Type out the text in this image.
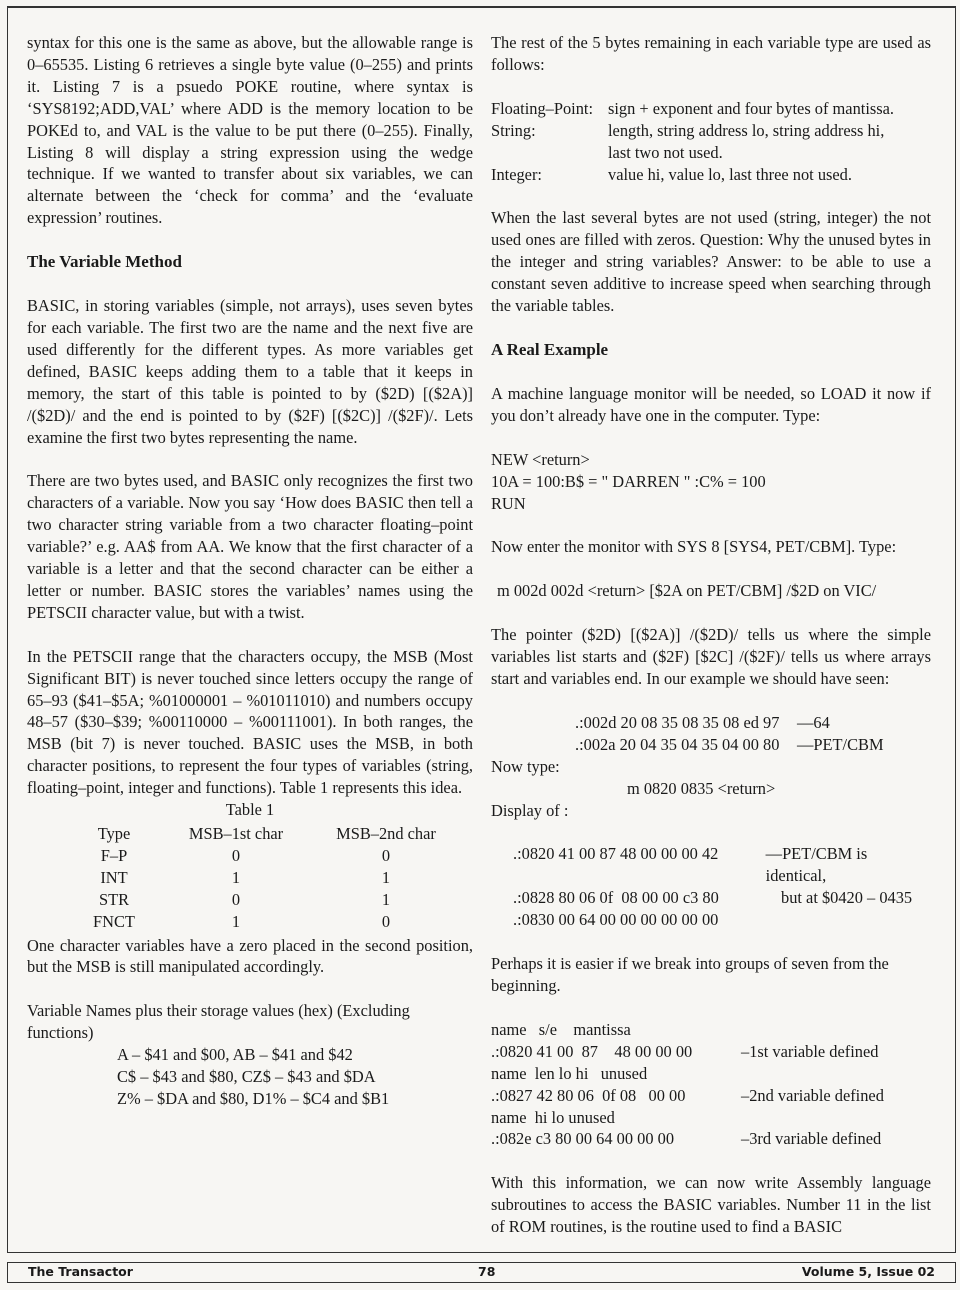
syntax for this one is the same as above, but the allowable range is 0–65535. Listing 6 retrieves a single byte value (0–255) and prints it. Listing 7 is a psuedo POKE routine, where syntax is ‘SYS8192;ADD,VAL’ where ADD is the memory location to be POKEd to, and VAL is the value to be put there (0–255). Finally, Listing 8 will display a string expression using the wedge technique. If we wanted to transfer about six variables, we can alternate between the ‘check for comma’ and the ‘evaluate expression’ routines.

The Variable Method

BASIC, in storing variables (simple, not arrays), uses seven bytes for each variable. The first two are the name and the next five are used differently for the different types. As more variables get defined, BASIC keeps adding them to a table that it keeps in memory, the start of this table is pointed to by ($2D) [($2A)] /($2D)/ and the end is pointed to by ($2F) [($2C)] /($2F)/. Lets examine the first two bytes representing the name.

There are two bytes used, and BASIC only recognizes the first two characters of a variable. Now you say ‘How does BASIC then tell a two character string variable from a two character floating–point variable?’ e.g. AA$ from AA. We know that the first character of a variable is a letter and that the second character can be either a letter or number. BASIC stores the variables’ names using the PETSCII character value, but with a twist.

In the PETSCII range that the characters occupy, the MSB (Most Significant BIT) is never touched since letters occupy the range of 65–93 ($41–$5A; %01000001 – %01011010) and numbers occupy 48–57 ($30–$39; %00110000 – %00111001). In both ranges, the MSB (bit 7) is never touched. BASIC uses the MSB, in both character positions, to represent the four types of variables (string, floating–point, integer and functions). Table 1 represents this idea.

Table 1
Type	MSB–1st char	MSB–2nd char
F–P	0	0
INT	1	1
STR	0	1
FNCT	1	0

One character variables have a zero placed in the second position, but the MSB is still manipulated accordingly.

Variable Names plus their storage values (hex) (Excluding functions)

A – $41 and $00, AB – $41 and $42
C$ – $43 and $80, CZ$ – $43 and $DA
Z% – $DA and $80, D1% – $C4 and $B1

The rest of the 5 bytes remaining in each variable type are used as follows:

Floating–Point: sign + exponent and four bytes of mantissa.
String:	length, string address lo, string address hi,
last two not used.
Integer:	value hi, value lo, last three not used.

When the last several bytes are not used (string, integer) the not used ones are filled with zeros. Question: Why the unused bytes in the integer and string variables? Answer: to be able to use a constant seven additive to increase speed when searching through the variable tables.

A Real Example

A machine language monitor will be needed, so LOAD it now if you don’t already have one in the computer. Type:

NEW <return>
10A = 100:B$ = " DARREN " :C% = 100
RUN

Now enter the monitor with SYS 8 [SYS4, PET/CBM]. Type:

m 002d 002d <return> [$2A on PET/CBM] /$2D on VIC/

The pointer ($2D) [($2A)] /($2D)/ tells us where the simple variables list starts and ($2F) [$2C] /($2F)/ tells us where arrays start and variables end. In our example we should have seen:

.:002d 20 08 35 08 35 08 ed 97	—64
.:002a 20 04 35 04 35 04 00 80	—PET/CBM
Now type:
m 0820 0835 <return>
Display of :
.:0820 41 00 87 48 00 00 00 42	—PET/CBM is identical,
.:0828 80 06 0f  08 00 00 c3 80	but at $0420 – 0435
.:0830 00 64 00 00 00 00 00 00

Perhaps it is easier if we break into groups of seven from the beginning.

name   s/e    mantissa
.:0820 41 00  87    48 00 00 00	–1st variable defined
name  len lo hi   unused
.:0827 42 80 06  0f 08   00 00	–2nd variable defined
name  hi lo unused
.:082e c3 80 00 64 00 00 00	–3rd variable defined

With this information, we can now write Assembly language subroutines to access the BASIC variables. Number 11 in the list of ROM routines, is the routine used to find a BASIC

The Transactor	78	Volume 5, Issue 02
